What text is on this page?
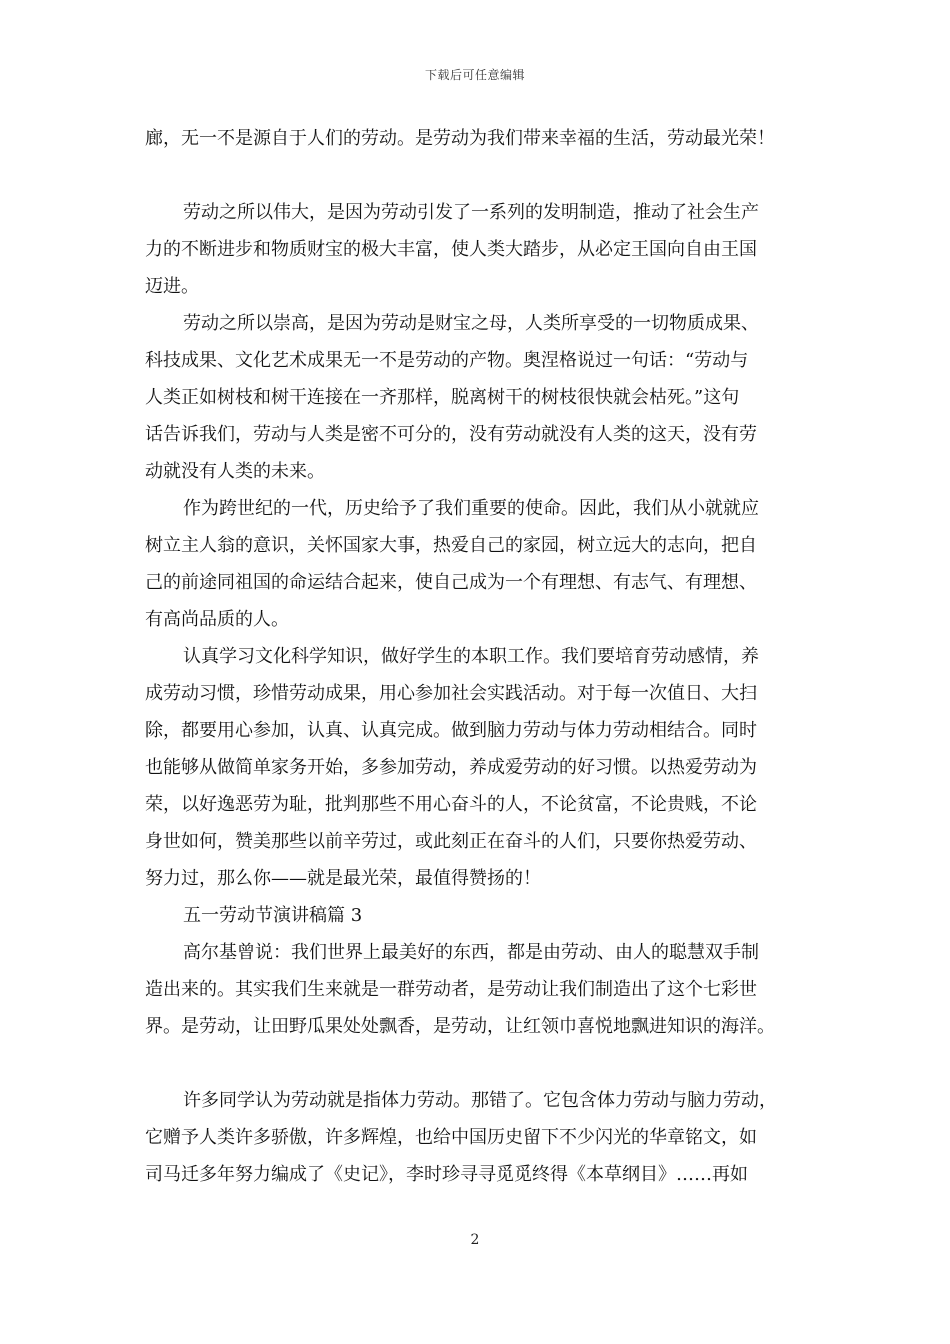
下载后可任意编辑
廊，无一不是源自于人们的劳动。是劳动为我们带来幸福的生活，劳动最光荣！
劳动之所以伟大，是因为劳动引发了一系列的发明制造，推动了社会生产
力的不断进步和物质财宝的极大丰富，使人类大踏步，从必定王国向自由王国
迈进。
劳动之所以崇高，是因为劳动是财宝之母，人类所享受的一切物质成果、
科技成果、文化艺术成果无一不是劳动的产物。奥涅格说过一句话：“劳动与
人类正如树枝和树干连接在一齐那样，脱离树干的树枝很快就会枯死。”这句
话告诉我们，劳动与人类是密不可分的，没有劳动就没有人类的这天，没有劳
动就没有人类的未来。
作为跨世纪的一代，历史给予了我们重要的使命。因此，我们从小就就应
树立主人翁的意识，关怀国家大事，热爱自己的家园，树立远大的志向，把自
己的前途同祖国的命运结合起来，使自己成为一个有理想、有志气、有理想、
有高尚品质的人。
认真学习文化科学知识，做好学生的本职工作。我们要培育劳动感情，养
成劳动习惯，珍惜劳动成果，用心参加社会实践活动。对于每一次值日、大扫
除，都要用心参加，认真、认真完成。做到脑力劳动与体力劳动相结合。同时
也能够从做简单家务开始，多参加劳动，养成爱劳动的好习惯。以热爱劳动为
荣，以好逸恶劳为耻，批判那些不用心奋斗的人，不论贫富，不论贵贱，不论
身世如何，赞美那些以前辛劳过，或此刻正在奋斗的人们，只要你热爱劳动、
努力过，那么你——就是最光荣，最值得赞扬的！
五一劳动节演讲稿篇 3
高尔基曾说：我们世界上最美好的东西，都是由劳动、由人的聪慧双手制
造出来的。其实我们生来就是一群劳动者，是劳动让我们制造出了这个七彩世
界。是劳动，让田野瓜果处处飘香，是劳动，让红领巾喜悦地飘进知识的海洋。
许多同学认为劳动就是指体力劳动。那错了。它包含体力劳动与脑力劳动，
它赠予人类许多骄傲，许多辉煌，也给中国历史留下不少闪光的华章铭文，如
司马迁多年努力编成了《史记》，李时珍寻寻觅觅终得《本草纲目》……再如
2
